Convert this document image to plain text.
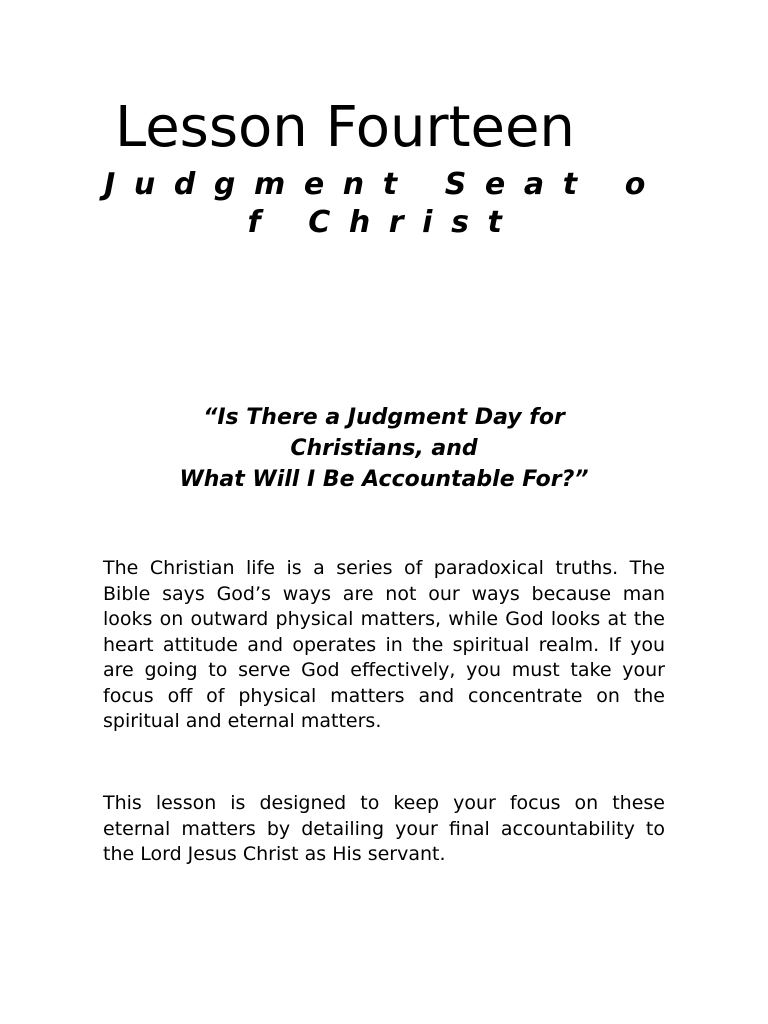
Lesson Fourteen
Judgment Seat of Christ
“Is There a Judgment Day for
Christians, and
What Will I Be Accountable For?”

The Christian life is a series of paradoxical truths. The Bible says God’s ways are not our ways because man looks on outward physical matters, while God looks at the heart attitude and operates in the spiritual realm. If you are going to serve God effectively, you must take your focus off of physical matters and concentrate on the spiritual and eternal matters.

This lesson is designed to keep your focus on these eternal matters by detailing your final accountability to the Lord Jesus Christ as His servant.
